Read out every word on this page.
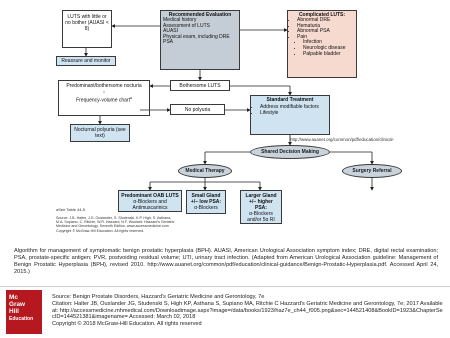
LUTS with little or no bother (AUASI < 8)
Reassure and monitor
Recommended Evaluation
Medical history
Assessment of LUTS
AUASI
Physical exam, including DRE
PSA
Complicated LUTS:
• Abnormal DRE
• Hematuria
• Abnormal PSA
• Pain
• Infection
• Neurologic disease
• Palpable bladder
Bothersome LUTS
Predominant/bothersome nocturia
↓
Frequency-volume chart$^a$
No polyuria
Nocturnal polyuria (see text)
Standard Treatment
• Address modifiable factors
• Lifestyle
http://www.auanet.org/common/pdf/education/clinical-
Shared Decision Making
Medical Therapy	Surgery Referral
Predominant OAB LUTS
α-Blockers and
Antimuscarinics
Small Gland +/– low PSA:
α-Blockers
Larger Gland +/– higher PSA:
α-Blockers
and/or 5α RI
aSee Table 44-5
Source: J.B. Halter, J.G. Ouslander, S. Studenski, K.P. High, S. Asthana,
M.A. Supiano, C. Ritchie, W.R. Hazzard, N.F. Woolard: Hazzard's Geriatric
Medicine and Gerontology, Seventh Edition, www.accessmedicine.com
Copyright © McGraw-Hill Education. All rights reserved.
Algorithm for management of symptomatic benign prostatic hyperplasia (BPH). AUASI, American Urological Association symptom index; DRE, digital rectal examination; PSA, prostate-specific antigen; PVR, postvoiding residual volume; UTI, urinary tract infection. (Adapted from American Urological Association guideline: Management of Benign Prostatic Hyperplasia (BPH), revised 2010. http://www.auanet.org/common/pdf/education/clinical-guidance/Benign-Prostatic-Hyperplasia.pdf. Accessed April 24, 2015.)
Mc
Graw
Hill
Education

Source: Benign Prostate Disorders, Hazzard's Geriatric Medicine and Gerontology, 7e

Citation: Halter JB, Ouslander JG, Studenski S, High KP, Asthana S, Supiano MA, Ritchie C Hazzard's Geriatric Medicine and Gerontology, 7e; 2017 Available at: http://accessmedicine.mhmedical.com/Downloadimage.aspx?image=/data/books/1923/haz7e_ch44_f005.png&sec=144521408&BookID=1923&ChapterSecID=144521381&imagename= Accessed: March 02, 2018

Copyright © 2018 McGraw-Hill Education. All rights reserved
